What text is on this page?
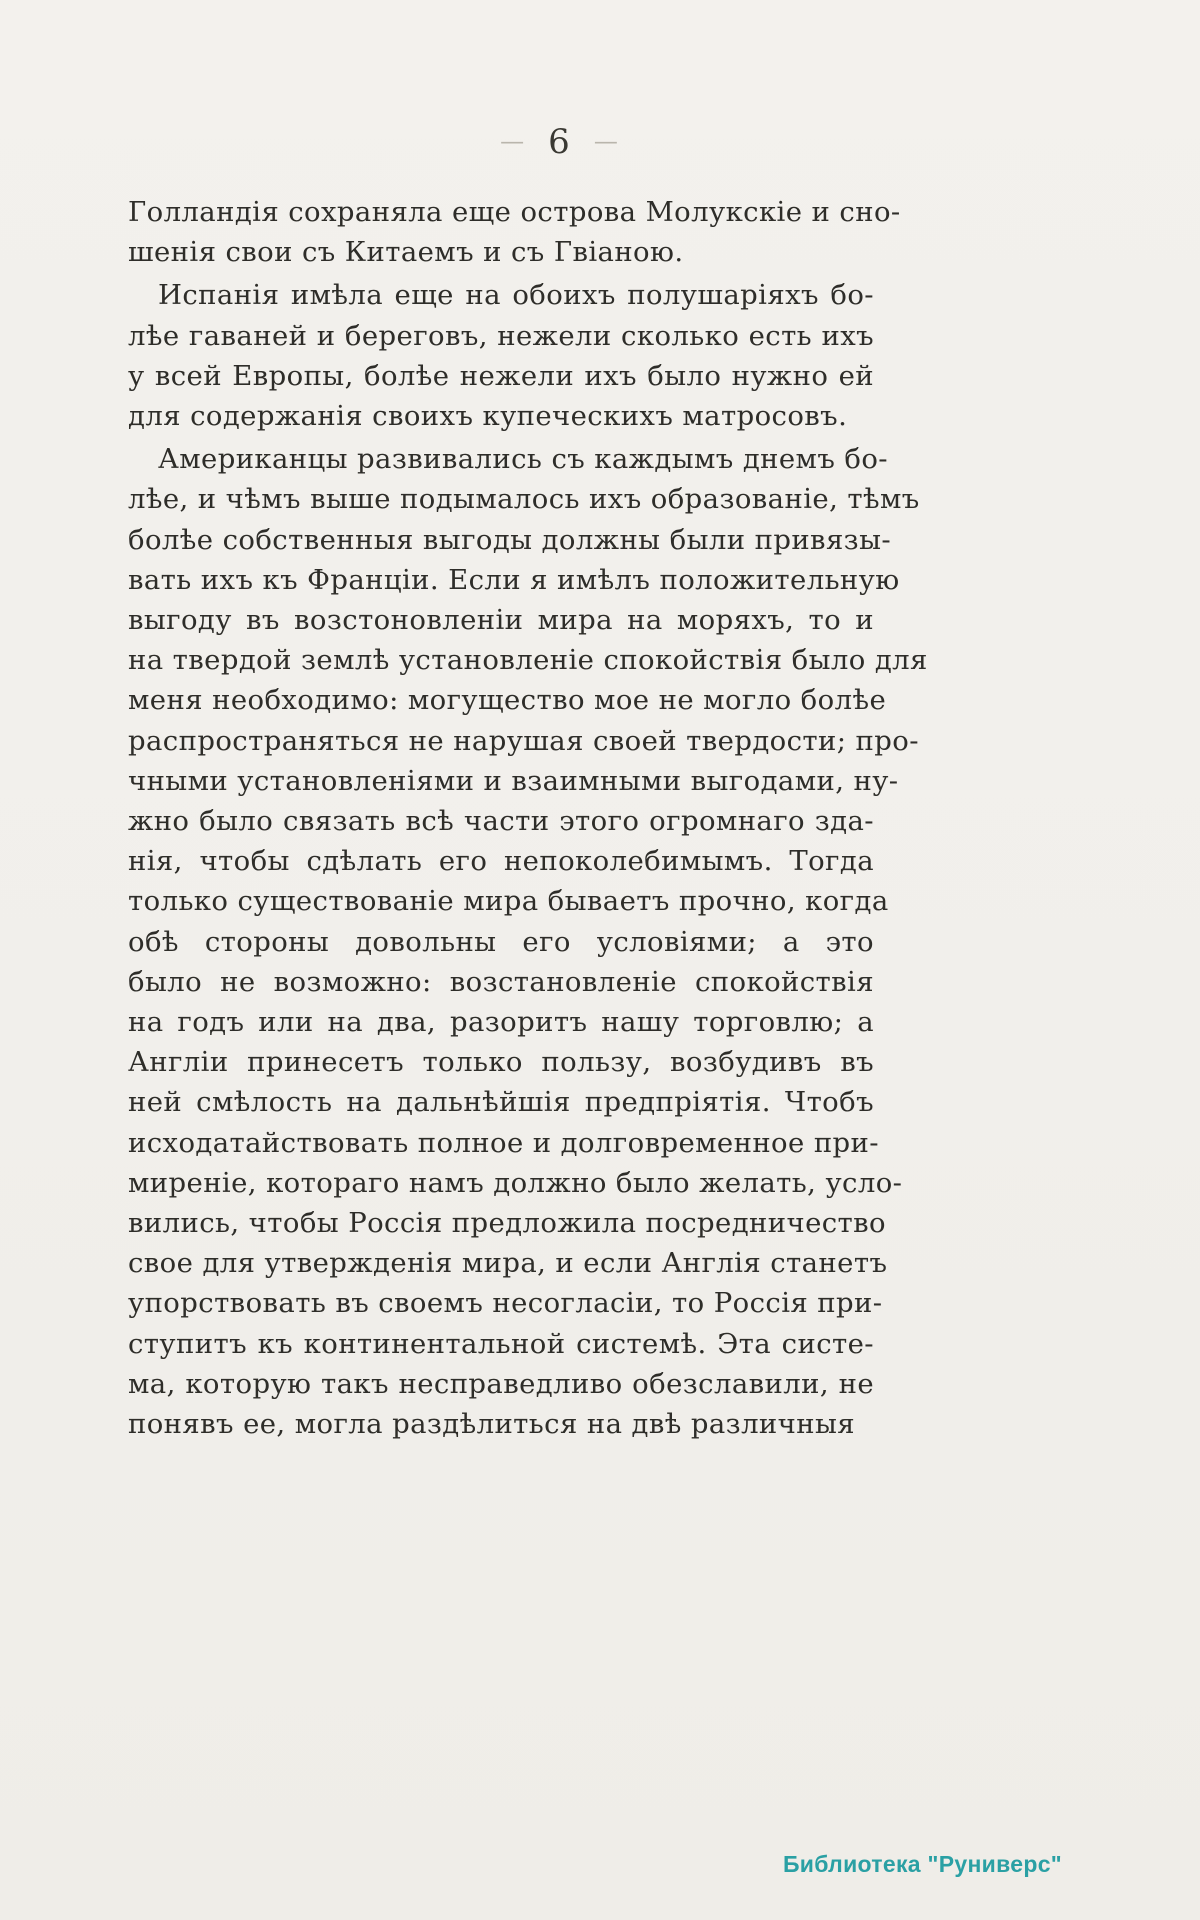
— 6 —
Голландія сохраняла еще острова Молукскіе и сно-
шенія свои съ Китаемъ и съ Гвіаною.
Испанія имѣла еще на обоихъ полушаріяхъ бо-
лѣе гаваней и береговъ, нежели сколько есть ихъ
у всей Европы, болѣе нежели ихъ было нужно ей
для содержанія своихъ купеческихъ матросовъ.
Американцы развивались съ каждымъ днемъ бо-
лѣе, и чѣмъ выше подымалось ихъ образованіе, тѣмъ
болѣе собственныя выгоды должны были привязы-
вать ихъ къ Франціи. Если я имѣлъ положительную
выгоду въ возстоновленіи мира на моряхъ, то и
на твердой землѣ установленіе спокойствія было для
меня необходимо: могущество мое не могло болѣе
распространяться не нарушая своей твердости; про-
чными установленіями и взаимными выгодами, ну-
жно было связать всѣ части этого огромнаго зда-
нія, чтобы сдѣлать его непоколебимымъ. Тогда
только существованіе мира бываетъ прочно, когда
обѣ стороны довольны его условіями; а это
было не возможно: возстановленіе спокойствія
на годъ или на два, разоритъ нашу торговлю; а
Англіи принесетъ только пользу, возбудивъ въ
ней смѣлость на дальнѣйшія предпріятія. Чтобъ
исходатайствовать полное и долговременное при-
миреніе, котораго намъ должно было желать, усло-
вились, чтобы Россія предложила посредничество
свое для утвержденія мира, и если Англія станетъ
упорствовать въ своемъ несогласіи, то Россія при-
ступитъ къ континентальной системѣ. Эта систе-
ма, которую такъ несправедливо обезславили, не
понявъ ее, могла раздѣлиться на двѣ различныя
Библиотека "Руниверс"
